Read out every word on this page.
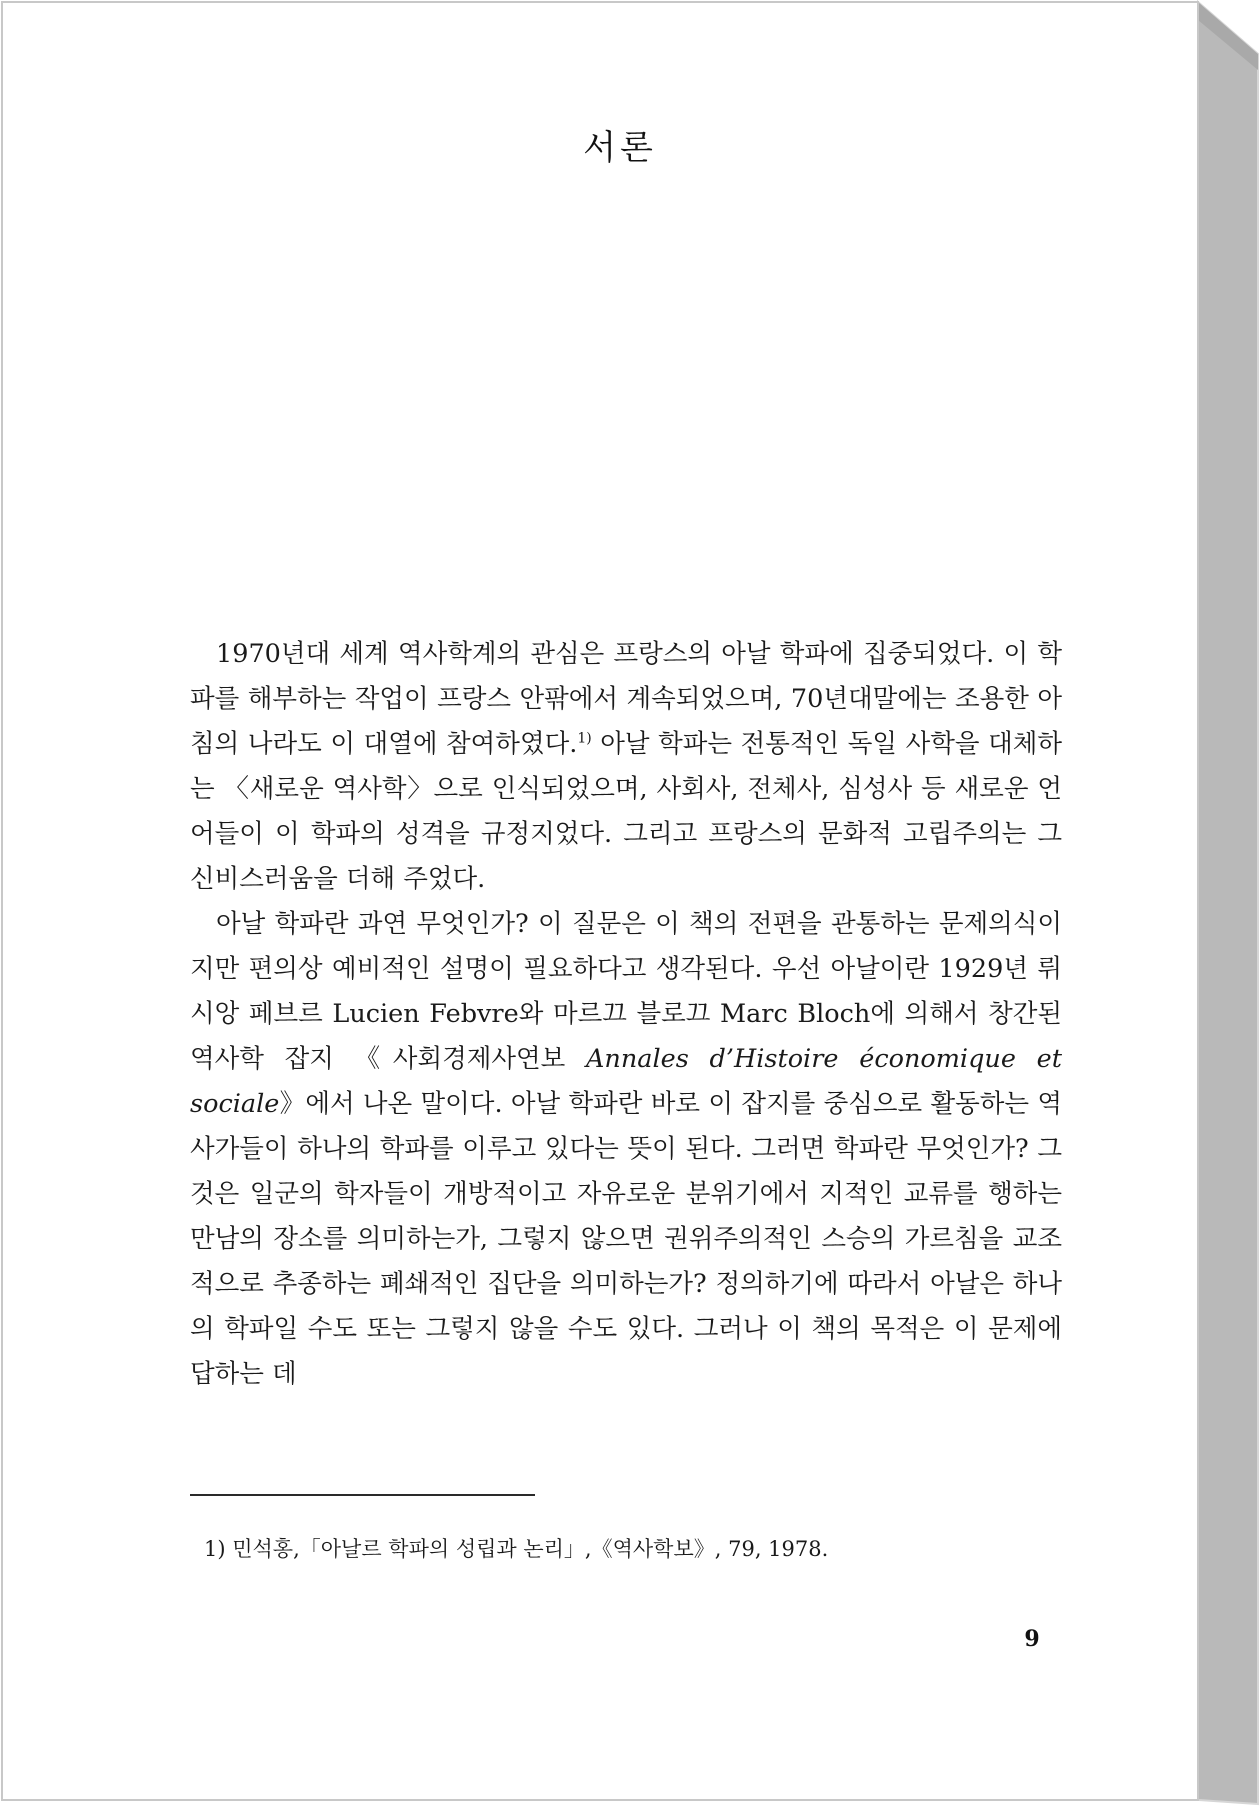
서론

1970년대 세계 역사학계의 관심은 프랑스의 아날 학파에 집중되었다. 이 학파를 해부하는 작업이 프랑스 안팎에서 계속되었으며, 70년대말에는 조용한 아침의 나라도 이 대열에 참여하였다.$^{1)}$ 아날 학파는 전통적인 독일 사학을 대체하는 〈새로운 역사학〉으로 인식되었으며, 사회사, 전체사, 심성사 등 새로운 언어들이 이 학파의 성격을 규정지었다. 그리고 프랑스의 문화적 고립주의는 그 신비스러움을 더해 주었다.

아날 학파란 과연 무엇인가? 이 질문은 이 책의 전편을 관통하는 문제의식이지만 편의상 예비적인 설명이 필요하다고 생각된다. 우선 아날이란 1929년 뤼시앙 페브르 Lucien Febvre와 마르끄 블로끄 Marc Bloch에 의해서 창간된 역사학 잡지 《사회경제사연보 Annales d’Histoire économique et sociale》에서 나온 말이다. 아날 학파란 바로 이 잡지를 중심으로 활동하는 역사가들이 하나의 학파를 이루고 있다는 뜻이 된다. 그러면 학파란 무엇인가? 그것은 일군의 학자들이 개방적이고 자유로운 분위기에서 지적인 교류를 행하는 만남의 장소를 의미하는가, 그렇지 않으면 권위주의적인 스승의 가르침을 교조적으로 추종하는 폐쇄적인 집단을 의미하는가? 정의하기에 따라서 아날은 하나의 학파일 수도 또는 그렇지 않을 수도 있다. 그러나 이 책의 목적은 이 문제에 답하는 데

1) 민석홍,「아날르 학파의 성립과 논리」,《역사학보》, 79, 1978.
9
